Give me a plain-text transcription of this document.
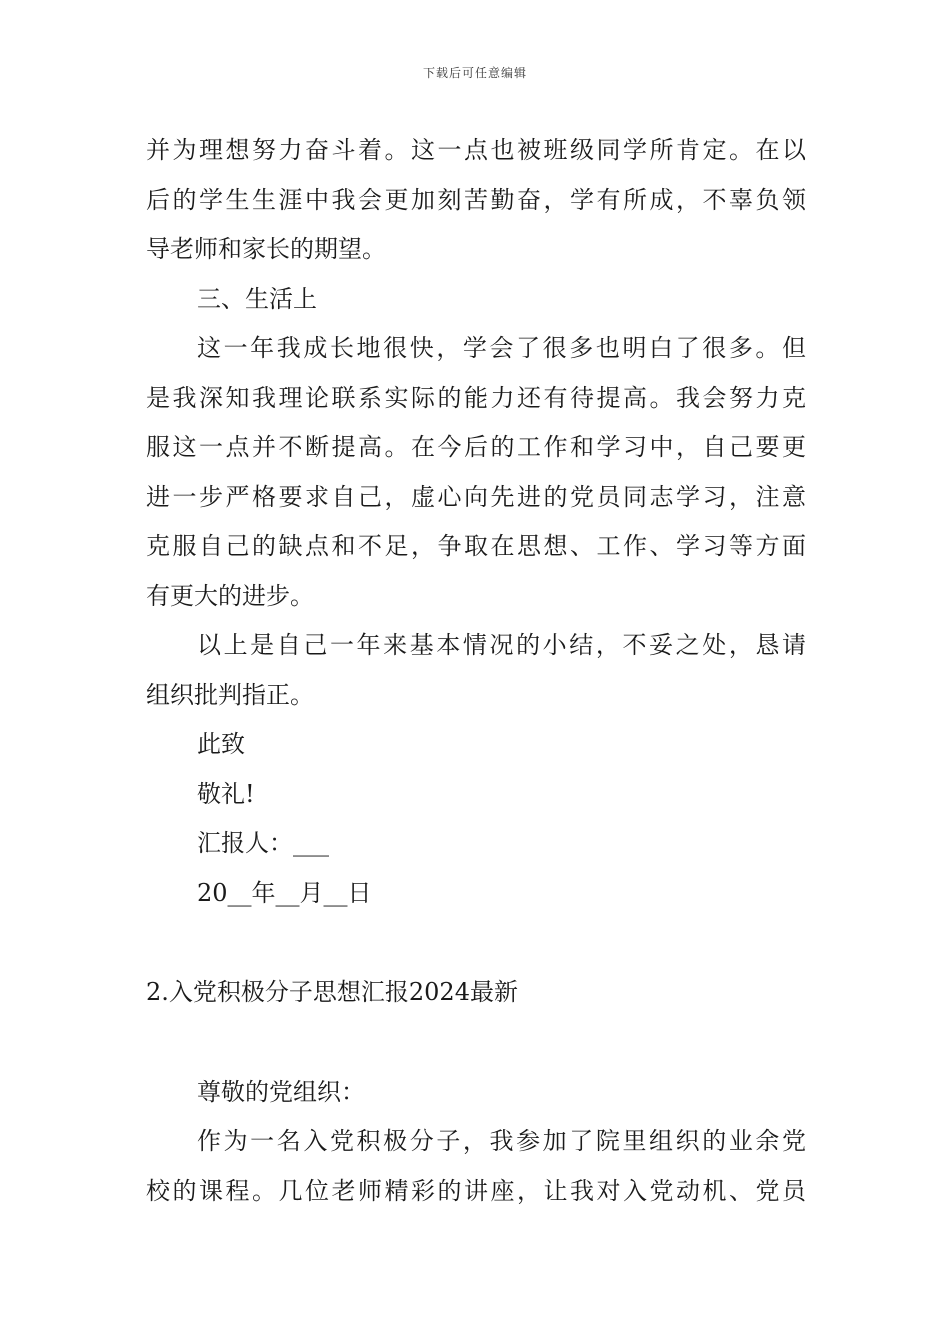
下载后可任意编辑
并为理想努力奋斗着。这一点也被班级同学所肯定。在以
后的学生生涯中我会更加刻苦勤奋，学有所成，不辜负领
导老师和家长的期望。
三、生活上
这一年我成长地很快，学会了很多也明白了很多。但
是我深知我理论联系实际的能力还有待提高。我会努力克
服这一点并不断提高。在今后的工作和学习中，自己要更
进一步严格要求自己，虚心向先进的党员同志学习，注意
克服自己的缺点和不足，争取在思想、工作、学习等方面
有更大的进步。
以上是自己一年来基本情况的小结，不妥之处，恳请
组织批判指正。
此致
敬礼!
汇报人：___
20__年__月__日
2.入党积极分子思想汇报2024最新
尊敬的党组织：
作为一名入党积极分子，我参加了院里组织的业余党
校的课程。几位老师精彩的讲座，让我对入党动机、党员
